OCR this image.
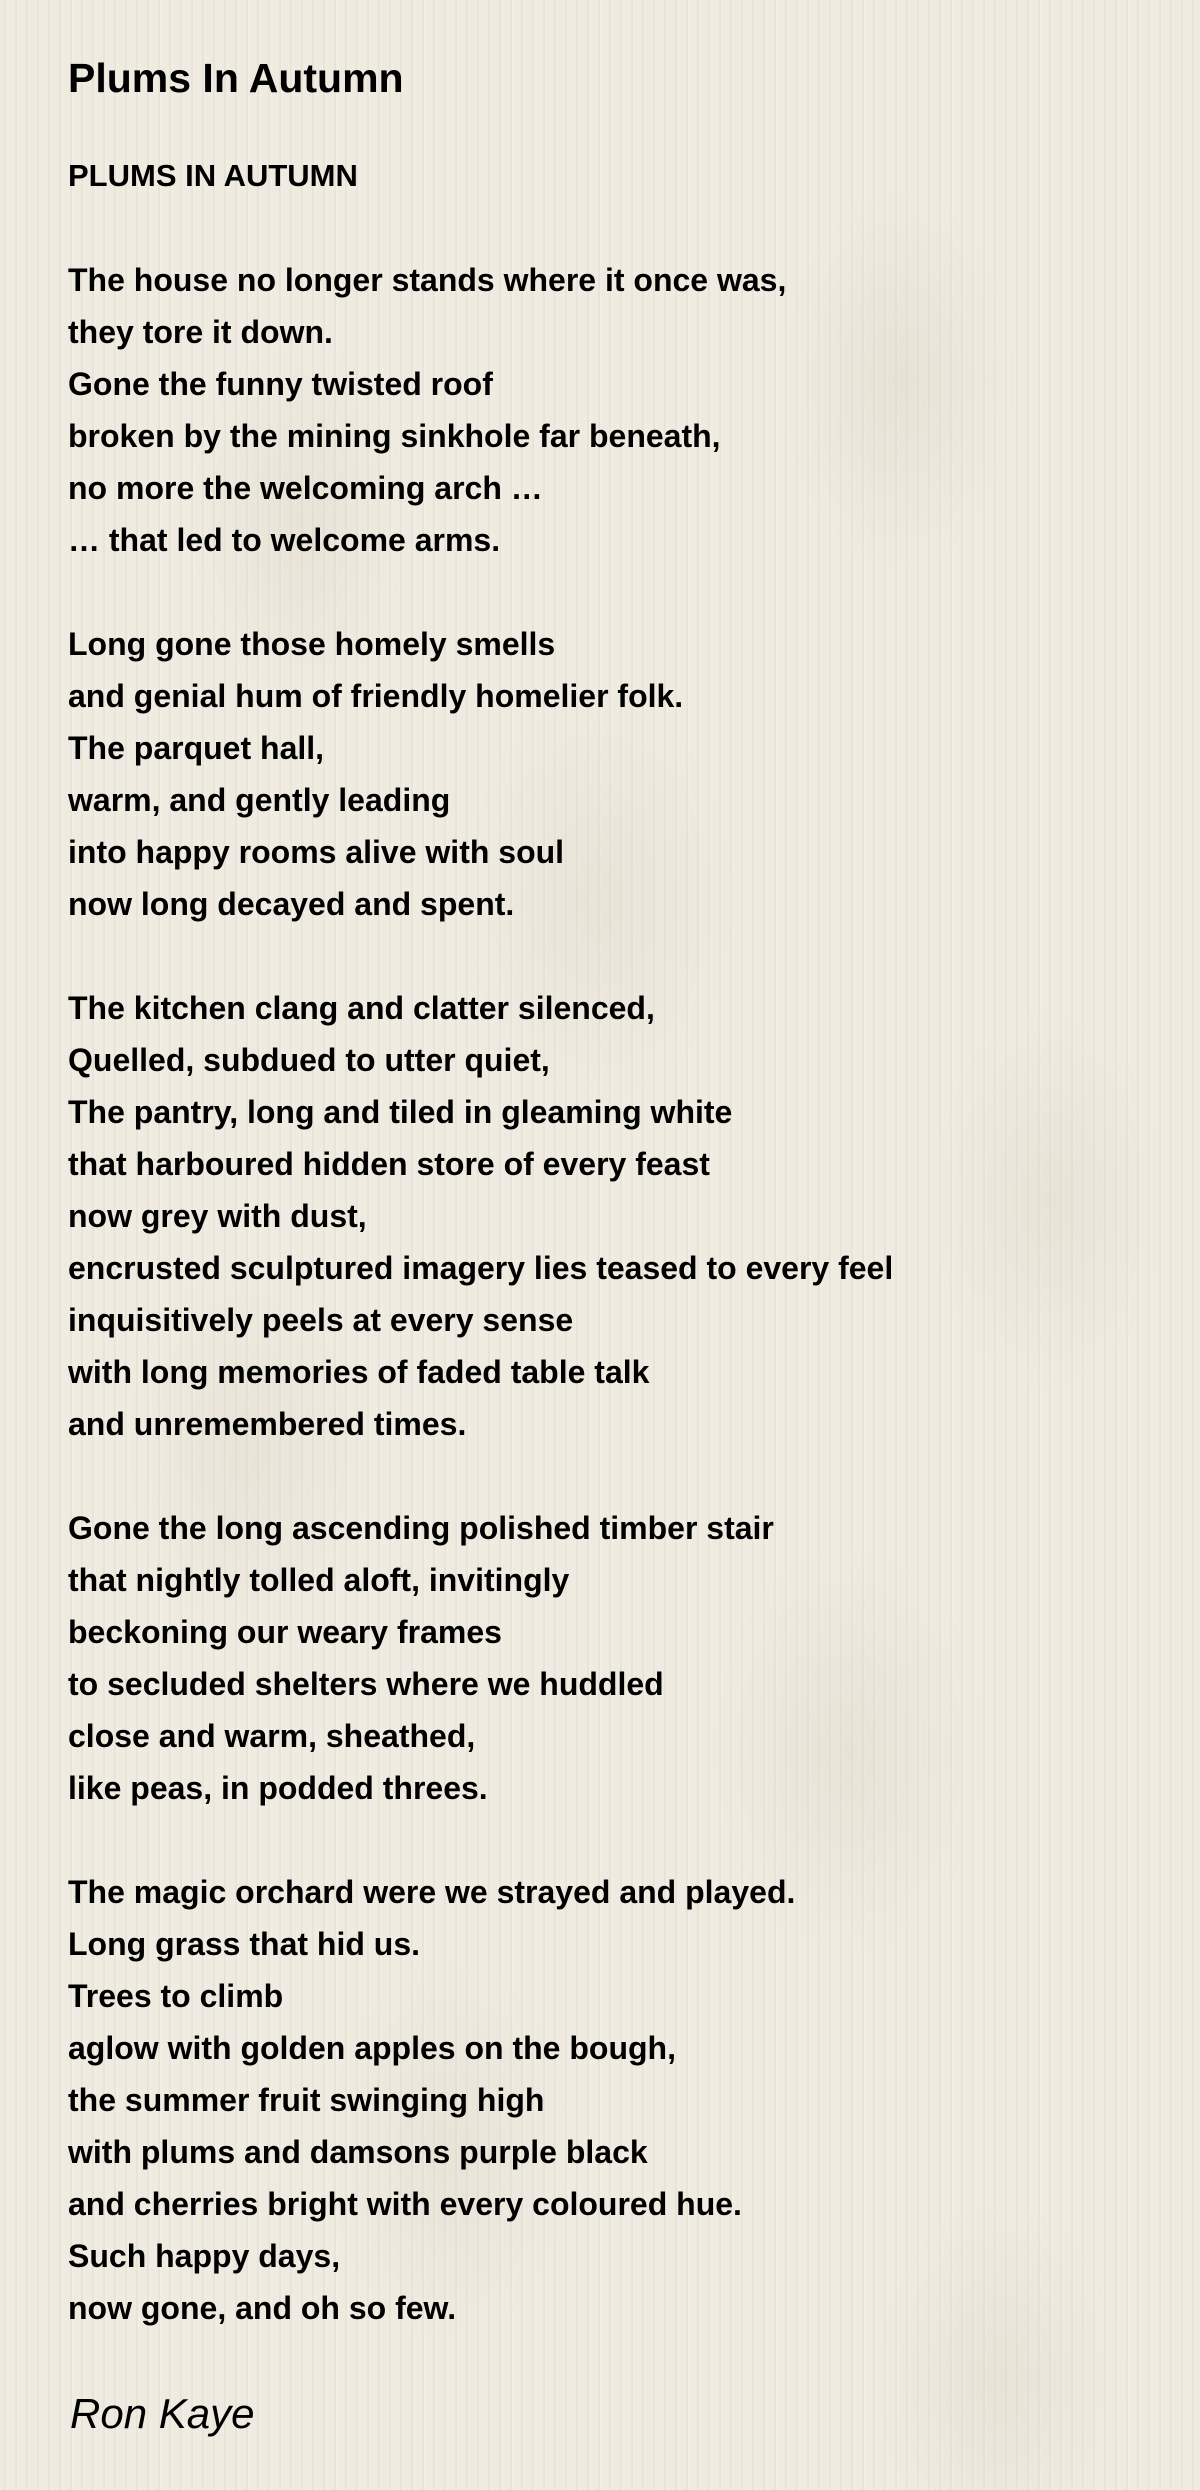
Plums In Autumn
PLUMS IN AUTUMN
The house no longer stands where it once was,
they tore it down.
Gone the funny twisted roof
broken by the mining sinkhole far beneath,
no more the welcoming arch …
… that led to welcome arms.
Long gone those homely smells
and genial hum of friendly homelier folk.
The parquet hall,
warm, and gently leading
into happy rooms alive with soul
now long decayed and spent.
The kitchen clang and clatter silenced,
Quelled, subdued to utter quiet,
The pantry, long and tiled in gleaming white
that harboured hidden store of every feast
now grey with dust,
encrusted sculptured imagery lies teased to every feel
inquisitively peels at every sense
with long memories of faded table talk
and unremembered times.
Gone the long ascending polished timber stair
that nightly tolled aloft, invitingly
beckoning our weary frames
to secluded shelters where we huddled
close and warm, sheathed,
like peas, in podded threes.
The magic orchard were we strayed and played.
Long grass that hid us.
Trees to climb
aglow with golden apples on the bough,
the summer fruit swinging high
with plums and damsons purple black
and cherries bright with every coloured hue.
Such happy days,
now gone, and oh so few.
Ron Kaye
